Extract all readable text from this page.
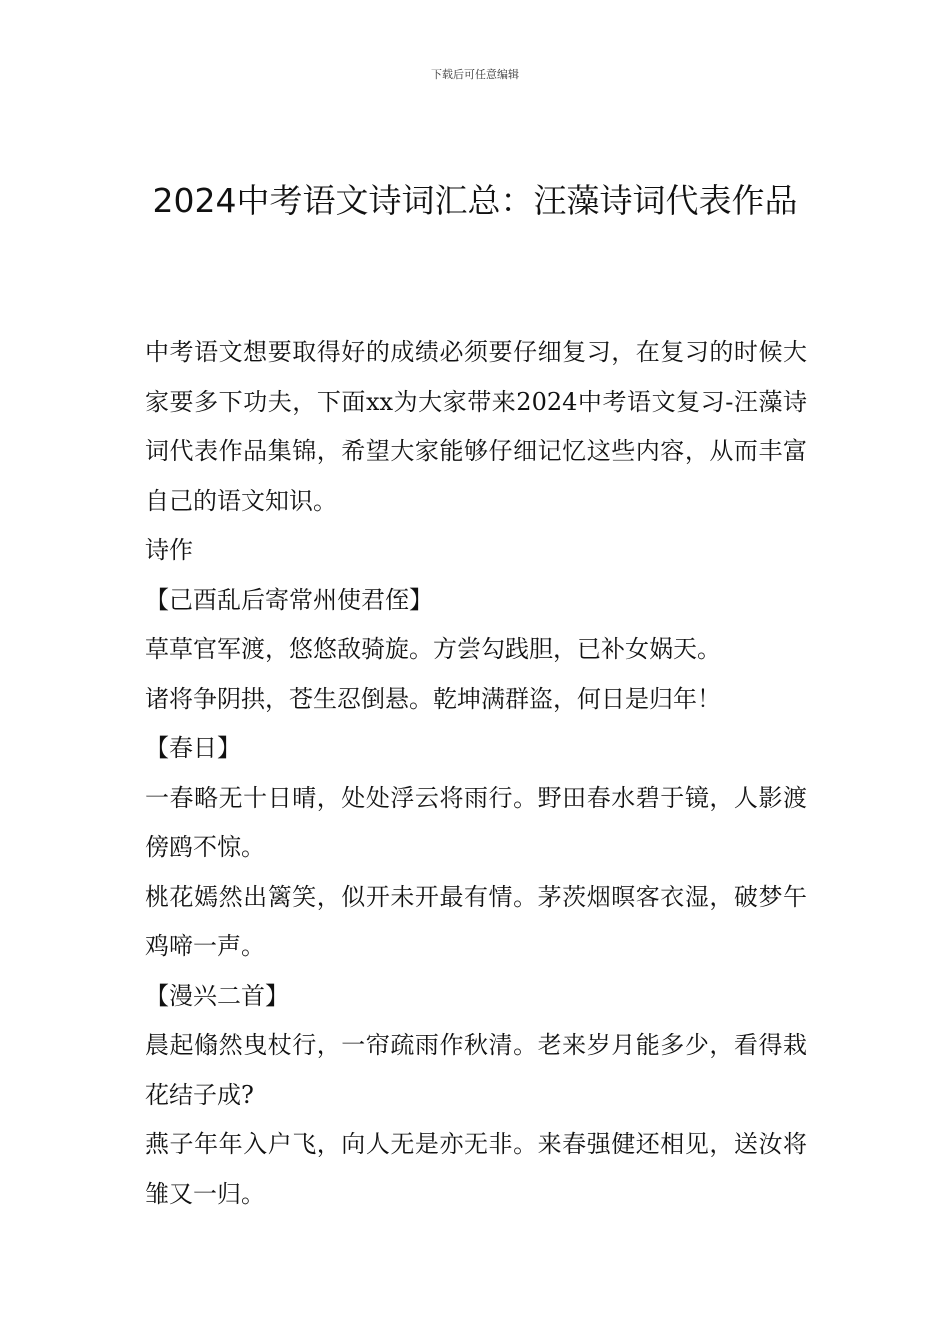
下载后可任意编辑
2024中考语文诗词汇总：汪藻诗词代表作品

中考语文想要取得好的成绩必须要仔细复习，在复习的时候大家要多下功夫，下面xx为大家带来2024中考语文复习-汪藻诗词代表作品集锦，希望大家能够仔细记忆这些内容，从而丰富自己的语文知识。

诗作

【己酉乱后寄常州使君侄】

草草官军渡，悠悠敌骑旋。方尝勾践胆，已补女娲天。

诸将争阴拱，苍生忍倒悬。乾坤满群盗，何日是归年！

【春日】

一春略无十日晴，处处浮云将雨行。野田春水碧于镜，人影渡傍鸥不惊。

桃花嫣然出篱笑，似开未开最有情。茅茨烟暝客衣湿，破梦午鸡啼一声。

【漫兴二首】

晨起翛然曳杖行，一帘疏雨作秋清。老来岁月能多少，看得栽花结子成?

燕子年年入户飞，向人无是亦无非。来春强健还相见，送汝将雏又一归。
